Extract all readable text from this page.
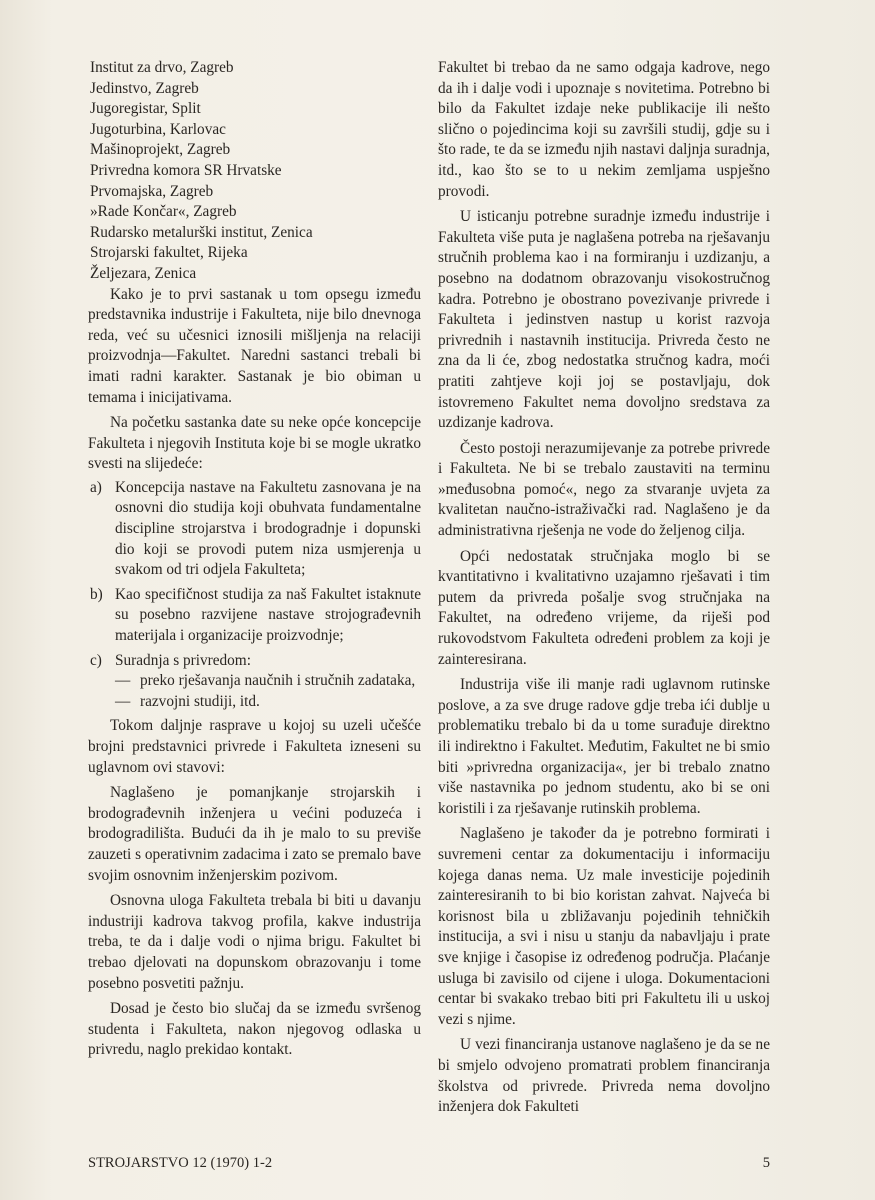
Institut za drvo, Zagreb
Jedinstvo, Zagreb
Jugoregistar, Split
Jugoturbina, Karlovac
Mašinoprojekt, Zagreb
Privredna komora SR Hrvatske
Prvomajska, Zagreb
»Rade Končar«, Zagreb
Rudarsko metalurški institut, Zenica
Strojarski fakultet, Rijeka
Željezara, Zenica

Kako je to prvi sastanak u tom opsegu između predstavnika industrije i Fakulteta, nije bilo dnevnoga reda, već su učesnici iznosili mišljenja na relaciji proizvodnja—Fakultet. Naredni sastanci trebali bi imati radni karakter. Sastanak je bio obiman u temama i inicijativama.

Na početku sastanka date su neke opće koncepcije Fakulteta i njegovih Instituta koje bi se mogle ukratko svesti na slijedeće:

a) Koncepcija nastave na Fakultetu zasnovana je na osnovni dio studija koji obuhvata fundamentalne discipline strojarstva i brodogradnje i dopunski dio koji se provodi putem niza usmjerenja u svakom od tri odjela Fakulteta;
b) Kao specifičnost studija za naš Fakultet istaknute su posebno razvijene nastave strojograđevnih materijala i organizacije proizvodnje;
c) Suradnja s privredom:
— preko rješavanja naučnih i stručnih zadataka,
— razvojni studiji, itd.

Tokom daljnje rasprave u kojoj su uzeli učešće brojni predstavnici privrede i Fakulteta izneseni su uglavnom ovi stavovi:

Naglašeno je pomanjkanje strojarskih i brodograđevnih inženjera u većini poduzeća i brodogradilišta. Budući da ih je malo to su previše zauzeti s operativnim zadacima i zato se premalo bave svojim osnovnim inženjerskim pozivom.

Osnovna uloga Fakulteta trebala bi biti u davanju industriji kadrova takvog profila, kakve industrija treba, te da i dalje vodi o njima brigu. Fakultet bi trebao djelovati na dopunskom obrazovanju i tome posebno posvetiti pažnju.

Dosad je često bio slučaj da se između svršenog studenta i Fakulteta, nakon njegovog odlaska u privredu, naglo prekidao kontakt.

Fakultet bi trebao da ne samo odgaja kadrove, nego da ih i dalje vodi i upoznaje s novitetima. Potrebno bi bilo da Fakultet izdaje neke publikacije ili nešto slično o pojedincima koji su završili studij, gdje su i što rade, te da se između njih nastavi daljnja suradnja, itd., kao što se to u nekim zemljama uspješno provodi.

U isticanju potrebne suradnje između industrije i Fakulteta više puta je naglašena potreba na rješavanju stručnih problema kao i na formiranju i uzdizanju, a posebno na dodatnom obrazovanju visokostručnog kadra. Potrebno je obostrano povezivanje privrede i Fakulteta i jedinstven nastup u korist razvoja privrednih i nastavnih institucija. Privreda često ne zna da li će, zbog nedostatka stručnog kadra, moći pratiti zahtjeve koji joj se postavljaju, dok istovremeno Fakultet nema dovoljno sredstava za uzdizanje kadrova.

Često postoji nerazumijevanje za potrebe privrede i Fakulteta. Ne bi se trebalo zaustaviti na terminu »međusobna pomoć«, nego za stvaranje uvjeta za kvalitetan naučno-istraživački rad. Naglašeno je da administrativna rješenja ne vode do željenog cilja.

Opći nedostatak stručnjaka moglo bi se kvantitativno i kvalitativno uzajamno rješavati i tim putem da privreda pošalje svog stručnjaka na Fakultet, na određeno vrijeme, da riješi pod rukovodstvom Fakulteta određeni problem za koji je zainteresirana.

Industrija više ili manje radi uglavnom rutinske poslove, a za sve druge radove gdje treba ići dublje u problematiku trebalo bi da u tome surađuje direktno ili indirektno i Fakultet. Međutim, Fakultet ne bi smio biti »privredna organizacija«, jer bi trebalo znatno više nastavnika po jednom studentu, ako bi se oni koristili i za rješavanje rutinskih problema.

Naglašeno je također da je potrebno formirati i suvremeni centar za dokumentaciju i informaciju kojega danas nema. Uz male investicije pojedinih zainteresiranih to bi bio koristan zahvat. Najveća bi korisnost bila u zbližavanju pojedinih tehničkih institucija, a svi i nisu u stanju da nabavljaju i prate sve knjige i časopise iz određenog područja. Plaćanje usluga bi zavisilo od cijene i uloga. Dokumentacioni centar bi svakako trebao biti pri Fakultetu ili u uskoj vezi s njime.

U vezi financiranja ustanove naglašeno je da se ne bi smjelo odvojeno promatrati problem financiranja školstva od privrede. Privreda nema dovoljno inženjera dok Fakulteti

STROJARSTVO 12 (1970) 1-2	5
